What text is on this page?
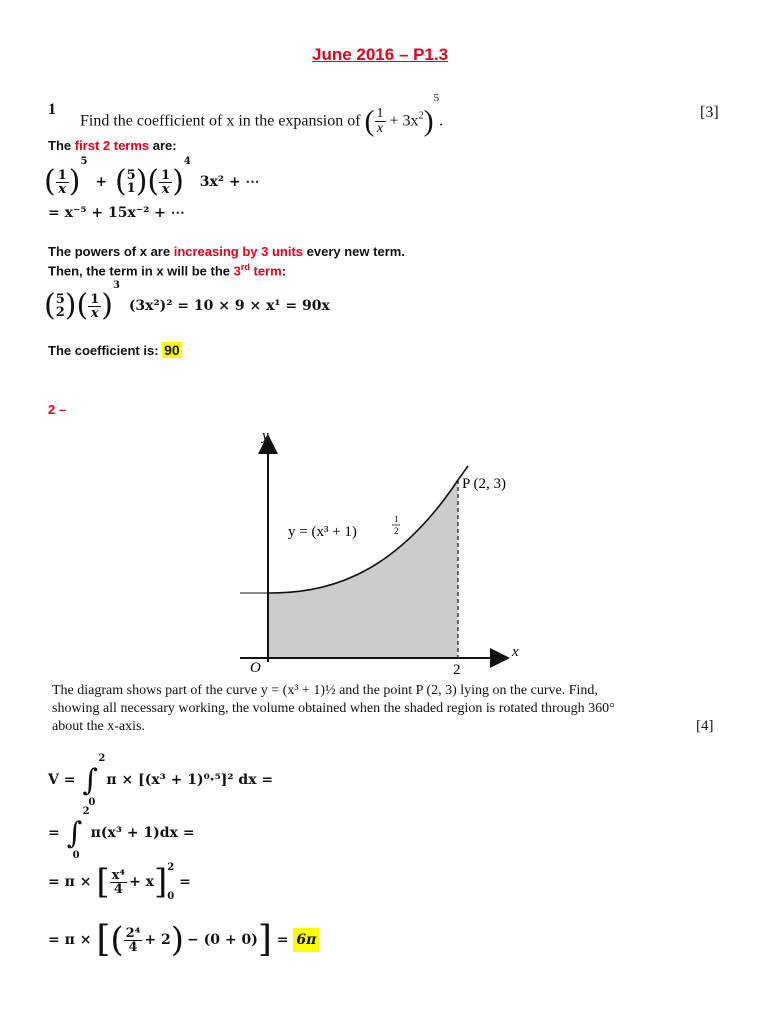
June 2016 – P1.3
1
Find the coefficient of x in the expansion of ( $\frac{1}{x} + 3x^2)^5$.	[3]
The first 2 terms are:
( $\frac{1}{x} )^5$ + ( 5
1 )( $\frac{1}{x} )^4$ 3x² + ⋯
= x⁻⁵ + 15x⁻² + ⋯
The powers of x are increasing by 3 units every new term.
Then, the term in x will be the 3rd term:
( 5
2 )( $\frac{1}{x} )^3$ (3x²)² = 10 × 9 × x¹ = 90x
The coefficient is: 90
2 –
y
x
O	2
P (2, 3)
y = (x³ + 1)
1
2
The diagram shows part of the curve y = (x³ + 1)½ and the point P (2, 3) lying on the curve. Find,
showing all necessary working, the volume obtained when the shaded region is rotated through 360°
about the x-axis.	[4]
V = ∫
2
0
π × [(x³ + 1)⁰·⁵]² dx =
= ∫
2
0
π(x³ + 1)dx =
= π × [ $\frac{\text{x⁴}}{4} + x$] 2
0
=
= π × [( $\frac{\text{2⁴}}{4} + 2) - (0 + 0)] = 6\pi$
